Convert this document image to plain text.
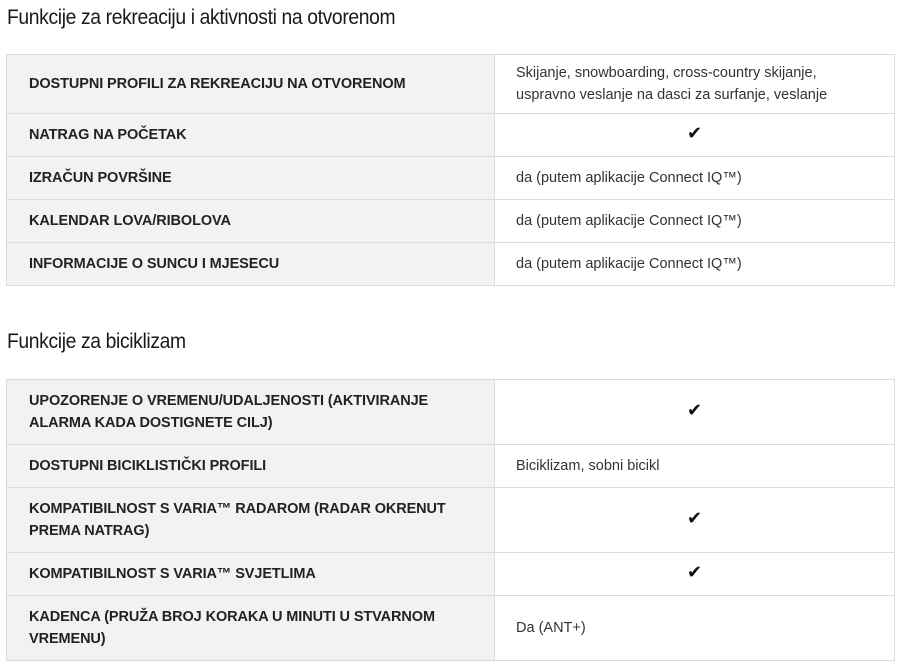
Funkcije za rekreaciju i aktivnosti na otvorenom
DOSTUPNI PROFILI ZA REKREACIJU NA OTVORENOM	Skijanje, snowboarding, cross-country skijanje, uspravno veslanje na dasci za surfanje, veslanje
NATRAG NA POČETAK	✔
IZRAČUN POVRŠINE	da (putem aplikacije Connect IQ™)
KALENDAR LOVA/RIBOLOVA	da (putem aplikacije Connect IQ™)
INFORMACIJE O SUNCU I MJESECU	da (putem aplikacije Connect IQ™)
Funkcije za biciklizam
UPOZORENJE O VREMENU/UDALJENOSTI (AKTIVIRANJE ALARMA KADA DOSTIGNETE CILJ)	✔
DOSTUPNI BICIKLISTIČKI PROFILI	Biciklizam, sobni bicikl
KOMPATIBILNOST S VARIA™ RADAROM (RADAR OKRENUT PREMA NATRAG)	✔
KOMPATIBILNOST S VARIA™ SVJETLIMA	✔
KADENCA (PRUŽA BROJ KORAKA U MINUTI U STVARNOM VREMENU)	Da (ANT+)
